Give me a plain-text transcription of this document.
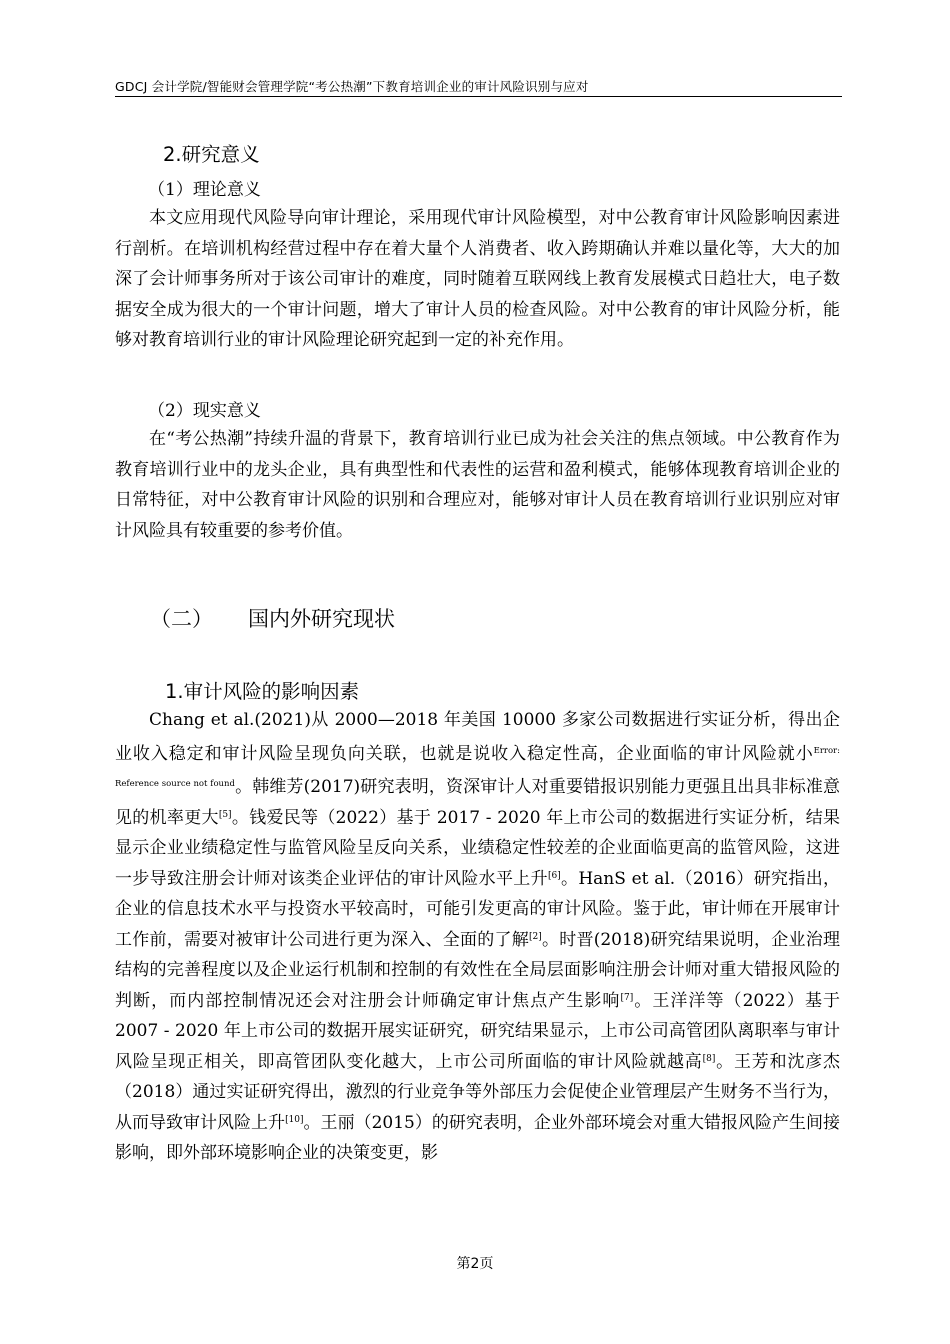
GDCJ 会计学院/智能财会管理学院“考公热潮”下教育培训企业的审计风险识别与应对
2.研究意义
（1）理论意义

本文应用现代风险导向审计理论，采用现代审计风险模型，对中公教育审计风险影响因素进行剖析。在培训机构经营过程中存在着大量个人消费者、收入跨期确认并难以量化等，大大的加深了会计师事务所对于该公司审计的难度，同时随着互联网线上教育发展模式日趋壮大，电子数据安全成为很大的一个审计问题，增大了审计人员的检查风险。对中公教育的审计风险分析，能够对教育培训行业的审计风险理论研究起到一定的补充作用。

（2）现实意义

在“考公热潮”持续升温的背景下，教育培训行业已成为社会关注的焦点领域。中公教育作为教育培训行业中的龙头企业，具有典型性和代表性的运营和盈利模式，能够体现教育培训企业的日常特征，对中公教育审计风险的识别和合理应对，能够对审计人员在教育培训行业识别应对审计风险具有较重要的参考价值。

（二） 国内外研究现状
1.审计风险的影响因素

Chang et al.(2021)从 2000—2018 年美国 10000 多家公司数据进行实证分析，得出企业收入稳定和审计风险呈现负向关联，也就是说收入稳定性高，企业面临的审计风险就小$^{Error: Reference source not found}$。韩维芳(2017)研究表明，资深审计人对重要错报识别能力更强且出具非标准意见的机率更大[5]。钱爱民等（2022）基于 2017 - 2020 年上市公司的数据进行实证分析，结果显示企业业绩稳定性与监管风险呈反向关系，业绩稳定性较差的企业面临更高的监管风险，这进一步导致注册会计师对该类企业评估的审计风险水平上升[6]。HanS et al.（2016）研究指出，企业的信息技术水平与投资水平较高时，可能引发更高的审计风险。鉴于此，审计师在开展审计工作前，需要对被审计公司进行更为深入、全面的了解[2]。时晋(2018)研究结果说明，企业治理结构的完善程度以及企业运行机制和控制的有效性在全局层面影响注册会计师对重大错报风险的判断，而内部控制情况还会对注册会计师确定审计焦点产生影响[7]。王洋洋等（2022）基于 2007 - 2020 年上市公司的数据开展实证研究，研究结果显示，上市公司高管团队离职率与审计风险呈现正相关，即高管团队变化越大，上市公司所面临的审计风险就越高[8]。王芳和沈彦杰（2018）通过实证研究得出，激烈的行业竞争等外部压力会促使企业管理层产生财务不当行为，从而导致审计风险上升[10]。王丽（2015）的研究表明，企业外部环境会对重大错报风险产生间接影响，即外部环境影响企业的决策变更，影

第2页
